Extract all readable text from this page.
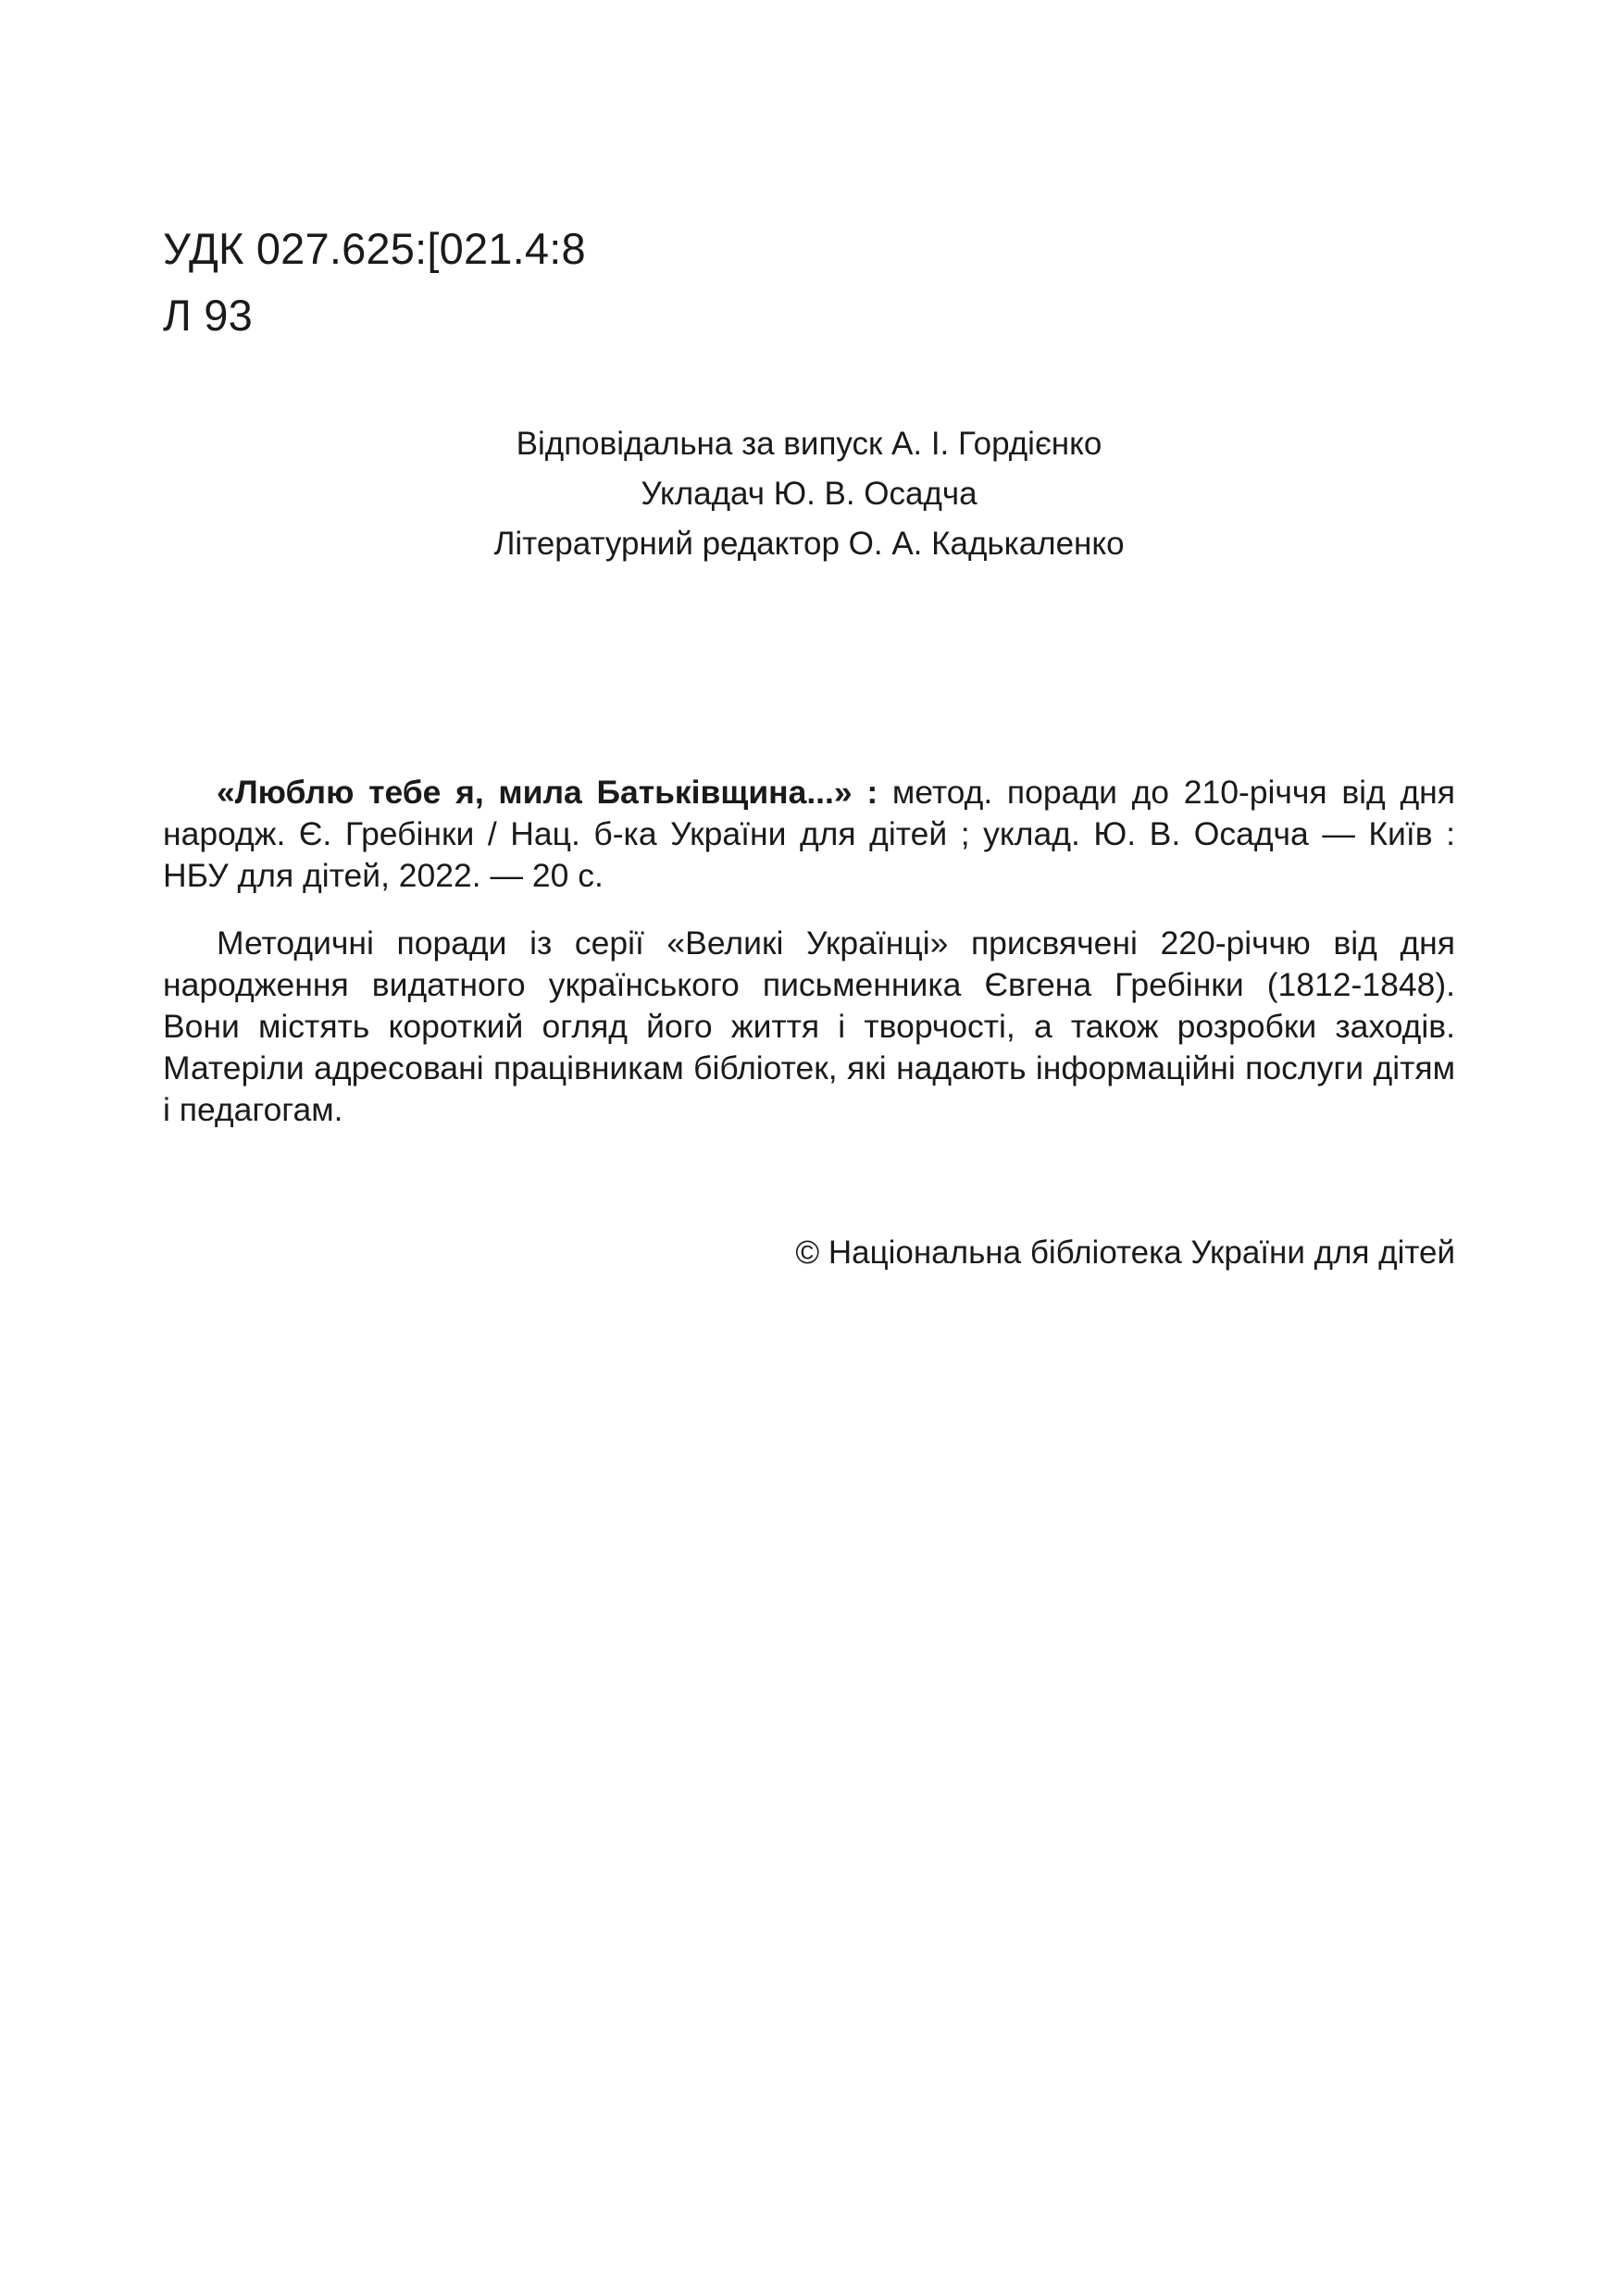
УДК 027.625:[021.4:8
Л 93
Відповідальна за випуск А. І. Гордієнко
Укладач Ю. В. Осадча
Літературний редактор О. А. Кадькаленко

«Люблю тебе я, мила Батьківщина...» : метод. поради до 210-річчя від дня народж. Є. Гребінки / Нац. б-ка України для дітей ; уклад. Ю. В. Осадча — Київ : НБУ для дітей, 2022. — 20 с.

Методичні поради із серії «Великі Українці» присвячені 220-річчю від дня народження видатного українського письменника Євгена Гребінки (1812-1848). Вони містять короткий огляд його життя і творчості, а також розробки заходів. Матеріли адресовані працівникам бібліотек, які надають інформаційні послуги дітям і педагогам.

© Національна бібліотека України для дітей
